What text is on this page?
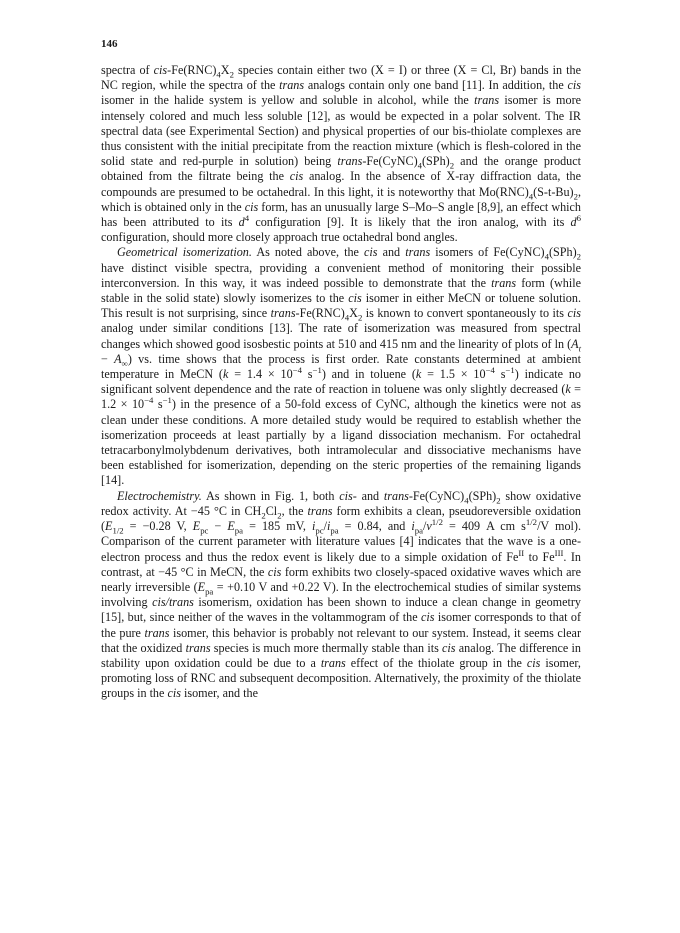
146

spectra of cis-$Fe(RNC)_4X_2$ species contain either two (X = I) or three (X = Cl, Br) bands in the NC region, while the spectra of the trans analogs contain only one band [11]. In addition, the cis isomer in the halide system is yellow and soluble in alcohol, while the trans isomer is more intensely colored and much less soluble [12], as would be expected in a polar solvent. The IR spectral data (see Experimental Section) and physical properties of our bis-thiolate complexes are thus consistent with the initial precipitate from the reaction mixture (which is flesh-colored in the solid state and red-purple in solution) being trans-$Fe(CyNC)_4(SPh)_2$ and the orange product obtained from the filtrate being the cis analog. In the absence of X-ray diffraction data, the compounds are presumed to be octahedral. In this light, it is noteworthy that $Mo(RNC)_4(S-t-Bu)_2$, which is obtained only in the cis form, has an unusually large S–Mo–S angle [8,9], an effect which has been attributed to its $d^4$ configuration [9]. It is likely that the iron analog, with its $d^6$ configuration, should more closely approach true octahedral bond angles.

Geometrical isomerization. As noted above, the cis and trans isomers of $Fe(CyNC)_4(SPh)_2$ have distinct visible spectra, providing a convenient method of monitoring their possible interconversion. In this way, it was indeed possible to demonstrate that the trans form (while stable in the solid state) slowly isomerizes to the cis isomer in either MeCN or toluene solution. This result is not surprising, since trans-$Fe(RNC)_4X_2$ is known to convert spontaneously to its cis analog under similar conditions [13]. The rate of isomerization was measured from spectral changes which showed good isosbestic points at 510 and 415 nm and the linearity of plots of $\ln (A_t - A_\infty)$ vs. time shows that the process is first order. Rate constants determined at ambient temperature in MeCN ($k = 1.4 \times 10^{-4}$ $s^{-1}$) and in toluene ($k = 1.5 \times 10^{-4}$ $s^{-1}$) indicate no significant solvent dependence and the rate of reaction in toluene was only slightly decreased ($k = 1.2 \times 10^{-4}$ $s^{-1}$) in the presence of a 50-fold excess of CyNC, although the kinetics were not as clean under these conditions. A more detailed study would be required to establish whether the isomerization proceeds at least partially by a ligand dissociation mechanism. For octahedral tetracarbonylmolybdenum derivatives, both intramolecular and dissociative mechanisms have been established for isomerization, depending on the steric properties of the remaining ligands [14].

Electrochemistry. As shown in Fig. 1, both cis- and trans-$Fe(CyNC)_4(SPh)_2$ show oxidative redox activity. At −45 °C in $CH_2Cl_2$, the trans form exhibits a clean, pseudoreversible oxidation ($E_{1/2} = -0.28$ V, $E_{pc} - E_{pa} = 185$ mV, $i_{pc}/i_{pa} = 0.84$, and $i_{pa}/\nu^{1/2} = 409$ A cm $s^{1/2}/V$ mol). Comparison of the current parameter with literature values [4] indicates that the wave is a one-electron process and thus the redox event is likely due to a simple oxidation of $Fe^{II}$ to $Fe^{III}$. In contrast, at −45 °C in MeCN, the cis form exhibits two closely-spaced oxidative waves which are nearly irreversible ($E_{pa} = +0.10$ V and +0.22 V). In the electrochemical studies of similar systems involving cis/trans isomerism, oxidation has been shown to induce a clean change in geometry [15], but, since neither of the waves in the voltammogram of the cis isomer corresponds to that of the pure trans isomer, this behavior is probably not relevant to our system. Instead, it seems clear that the oxidized trans species is much more thermally stable than its cis analog. The difference in stability upon oxidation could be due to a trans effect of the thiolate group in the cis isomer, promoting loss of RNC and subsequent decomposition. Alternatively, the proximity of the thiolate groups in the cis isomer, and the
